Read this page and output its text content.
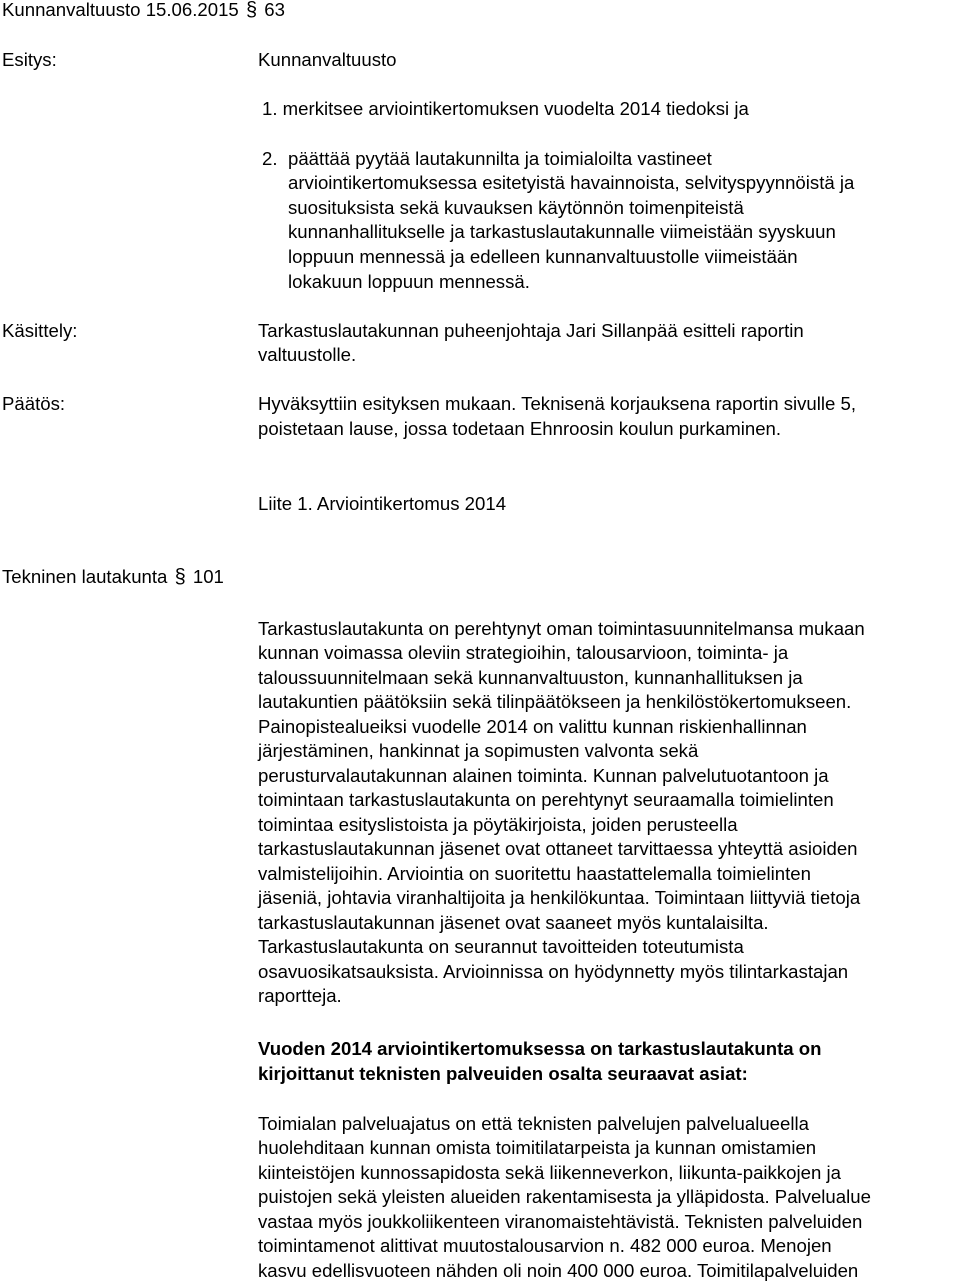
Kunnanvaltuusto 15.06.2015 § 63
Esitys:	Kunnanvaltuusto
1. merkitsee arviointikertomuksen vuodelta 2014 tiedoksi ja
2. päättää pyytää lautakunnilta ja toimialoilta vastineet
arviointikertomuksessa esitetyistä havainnoista, selvityspyynnöistä ja
suosituksista sekä kuvauksen käytönnön toimenpiteistä
kunnanhallitukselle ja tarkastuslautakunnalle viimeistään syyskuun
loppuun mennessä ja edelleen kunnanvaltuustolle viimeistään
lokakuun loppuun mennessä.
Käsittely:	Tarkastuslautakunnan puheenjohtaja Jari Sillanpää esitteli raportin
valtuustolle.
Päätös:	Hyväksyttiin esityksen mukaan. Teknisenä korjauksena raportin sivulle 5,
poistetaan lause, jossa todetaan Ehnroosin koulun purkaminen.
Liite 1. Arviointikertomus 2014
Tekninen lautakunta § 101
Tarkastuslautakunta on perehtynyt oman toimintasuunnitelmansa mukaan
kunnan voimassa oleviin strategioihin, talousarvioon, toiminta- ja
taloussuunnitelmaan sekä kunnanvaltuuston, kunnanhallituksen ja
lautakuntien päätöksiin sekä tilinpäätökseen ja henkilöstökertomukseen.
Painopistealueiksi vuodelle 2014 on valittu kunnan riskienhallinnan
järjestäminen, hankinnat ja sopimusten valvonta sekä
perusturvalautakunnan alainen toiminta. Kunnan palvelutuotantoon ja
toimintaan tarkastuslautakunta on perehtynyt seuraamalla toimielinten
toimintaa esityslistoista ja pöytäkirjoista, joiden perusteella
tarkastuslautakunnan jäsenet ovat ottaneet tarvittaessa yhteyttä asioiden
valmistelijoihin. Arviointia on suoritettu haastattelemalla toimielinten
jäseniä, johtavia viranhaltijoita ja henkilökuntaa. Toimintaan liittyviä tietoja
tarkastuslautakunnan jäsenet ovat saaneet myös kuntalaisilta.
Tarkastuslautakunta on seurannut tavoitteiden toteutumista
osavuosikatsauksista. Arvioinnissa on hyödynnetty myös tilintarkastajan
raportteja.
Vuoden 2014 arviointikertomuksessa on tarkastuslautakunta on
kirjoittanut teknisten palveuiden osalta seuraavat asiat:
Toimialan palveluajatus on että teknisten palvelujen palvelualueella
huolehditaan kunnan omista toimitilatarpeista ja kunnan omistamien
kiinteistöjen kunnossapidosta sekä liikenneverkon, liikunta-paikkojen ja
puistojen sekä yleisten alueiden rakentamisesta ja ylläpidosta. Palvelualue
vastaa myös joukkoliikenteen viranomaistehtävistä. Teknisten palveluiden
toimintamenot alittivat muutostalousarvion n. 482 000 euroa. Menojen
kasvu edellisvuoteen nähden oli noin 400 000 euroa. Toimitilapalveluiden
